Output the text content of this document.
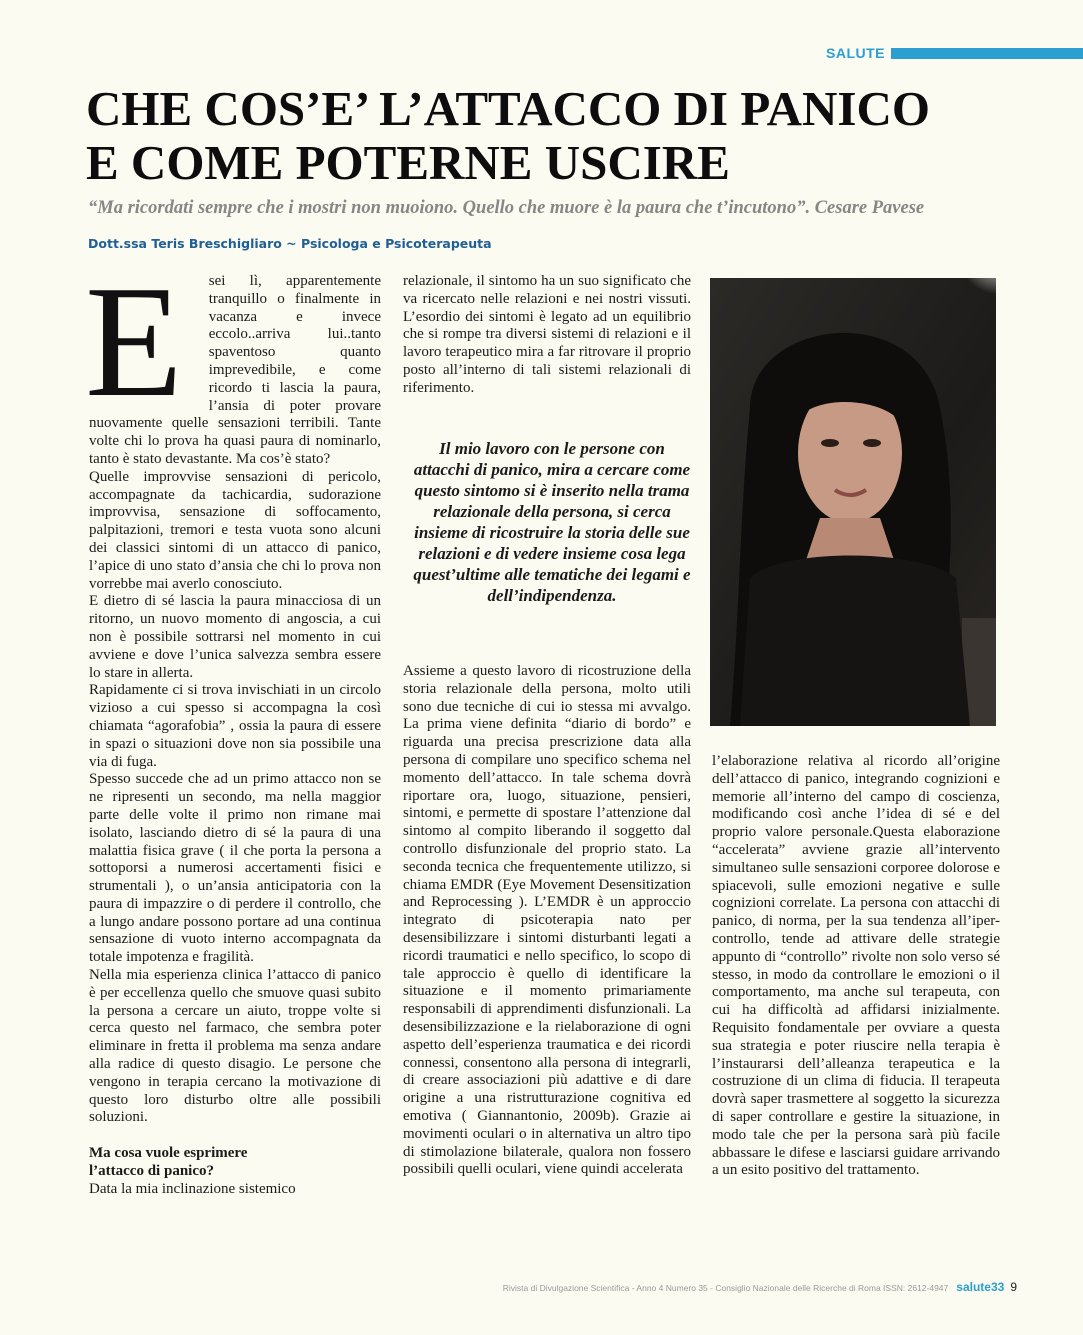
SALUTE
CHE COS’E’ L’ATTACCO DI PANICO
E COME POTERNE USCIRE
“Ma ricordati sempre che i mostri non muoiono. Quello che muore è la paura che t’incutono”. Cesare Pavese
Dott.ssa Teris Breschigliaro ~ Psicologa e Psicoterapeuta
E	sei lì, apparentemente tranquillo o finalmente in vacanza e invece eccolo..arriva lui..tanto spaventoso quanto imprevedibile, e come ricordo ti lascia la paura, l’ansia di poter provare nuovamente quelle sensazioni terribili. Tante volte chi lo prova ha quasi paura di nominarlo, tanto è stato devastante. Ma cos’è stato?

Quelle improvvise sensazioni di pericolo, accompagnate da tachicardia, sudorazione improvvisa, sensazione di soffocamento, palpitazioni, tremori e testa vuota sono alcuni dei classici sintomi di un attacco di panico, l’apice di uno stato d’ansia che chi lo prova non vorrebbe mai averlo conosciuto.

E dietro di sé lascia la paura minacciosa di un ritorno, un nuovo momento di angoscia, a cui non è possibile sottrarsi nel momento in cui avviene e dove l’unica salvezza sembra essere lo stare in allerta.

Rapidamente ci si trova invischiati in un circolo vizioso a cui spesso si accompagna la così chiamata “agorafobia” , ossia la paura di essere in spazi o situazioni dove non sia possibile una via di fuga.

Spesso succede che ad un primo attacco non se ne ripresenti un secondo, ma nella maggior parte delle volte il primo non rimane mai isolato, lasciando dietro di sé la paura di una malattia fisica grave ( il che porta la persona a sottoporsi a numerosi accertamenti fisici e strumentali ), o un’ansia anticipatoria con la paura di impazzire o di perdere il controllo, che a lungo andare possono portare ad una continua sensazione di vuoto interno accompagnata da totale impotenza e fragilità.

Nella mia esperienza clinica l’attacco di panico è per eccellenza quello che smuove quasi subito la persona a cercare un aiuto, troppe volte si cerca questo nel farmaco, che sembra poter eliminare in fretta il problema ma senza andare alla radice di questo disagio. Le persone che vengono in terapia cercano la motivazione di questo loro disturbo oltre alle possibili soluzioni.

Ma cosa vuole esprimere
l’attacco di panico?

Data la mia inclinazione sistemico

relazionale, il sintomo ha un suo significato che va ricercato nelle relazioni e nei nostri vissuti. L’esordio dei sintomi è legato ad un equilibrio che si rompe tra diversi sistemi di relazioni e il lavoro terapeutico mira a far ritrovare il proprio posto all’interno di tali sistemi relazionali di riferimento.

Il mio lavoro con le persone con attacchi di panico, mira a cercare come questo sintomo si è inserito nella trama relazionale della persona, si cerca insieme di ricostruire la storia delle sue relazioni e di vedere insieme cosa lega quest’ultime alle tematiche dei legami e dell’indipendenza.

Assieme a questo lavoro di ricostruzione della storia relazionale della persona, molto utili sono due tecniche di cui io stessa mi avvalgo. La prima viene definita “diario di bordo” e riguarda una precisa prescrizione data alla persona di compilare uno specifico schema nel momento dell’attacco. In tale schema dovrà riportare ora, luogo, situazione, pensieri, sintomi, e permette di spostare l’attenzione dal sintomo al compito liberando il soggetto dal controllo disfunzionale del proprio stato. La seconda tecnica che frequentemente utilizzo, si chiama EMDR (Eye Movement Desensitization and Reprocessing ). L’EMDR è un approccio integrato di psicoterapia nato per desensibilizzare i sintomi disturbanti legati a ricordi traumatici e nello specifico, lo scopo di tale approccio è quello di identificare la situazione e il momento primariamente responsabili di apprendimenti disfunzionali. La desensibilizzazione e la rielaborazione di ogni aspetto dell’esperienza traumatica e dei ricordi connessi, consentono alla persona di integrarli, di creare associazioni più adattive e di dare origine a una ristrutturazione cognitiva ed emotiva ( Giannantonio, 2009b). Grazie ai movimenti oculari o in alternativa un altro tipo di stimolazione bilaterale, qualora non fossero possibili quelli oculari, viene quindi accelerata

l’elaborazione relativa al ricordo all’origine dell’attacco di panico, integrando cognizioni e memorie all’interno del campo di coscienza, modificando così anche l’idea di sé e del proprio valore personale.Questa elaborazione “accelerata” avviene grazie all’intervento simultaneo sulle sensazioni corporee dolorose e spiacevoli, sulle emozioni negative e sulle cognizioni correlate. La persona con attacchi di panico, di norma, per la sua tendenza all’iper-controllo, tende ad attivare delle strategie appunto di “controllo” rivolte non solo verso sé stesso, in modo da controllare le emozioni o il comportamento, ma anche sul terapeuta, con cui ha difficoltà ad affidarsi inizialmente. Requisito fondamentale per ovviare a questa sua strategia e poter riuscire nella terapia è l’instaurarsi dell’alleanza terapeutica e la costruzione di un clima di fiducia. Il terapeuta dovrà saper trasmettere al soggetto la sicurezza di saper controllare e gestire la situazione, in modo tale che per la persona sarà più facile abbassare le difese e lasciarsi guidare arrivando a un esito positivo del trattamento.

Rivista di Divulgazione Scientifica - Anno 4 Numero 35 - Consiglio Nazionale delle Ricerche di Roma ISSN: 2612-4947 salute33 9
